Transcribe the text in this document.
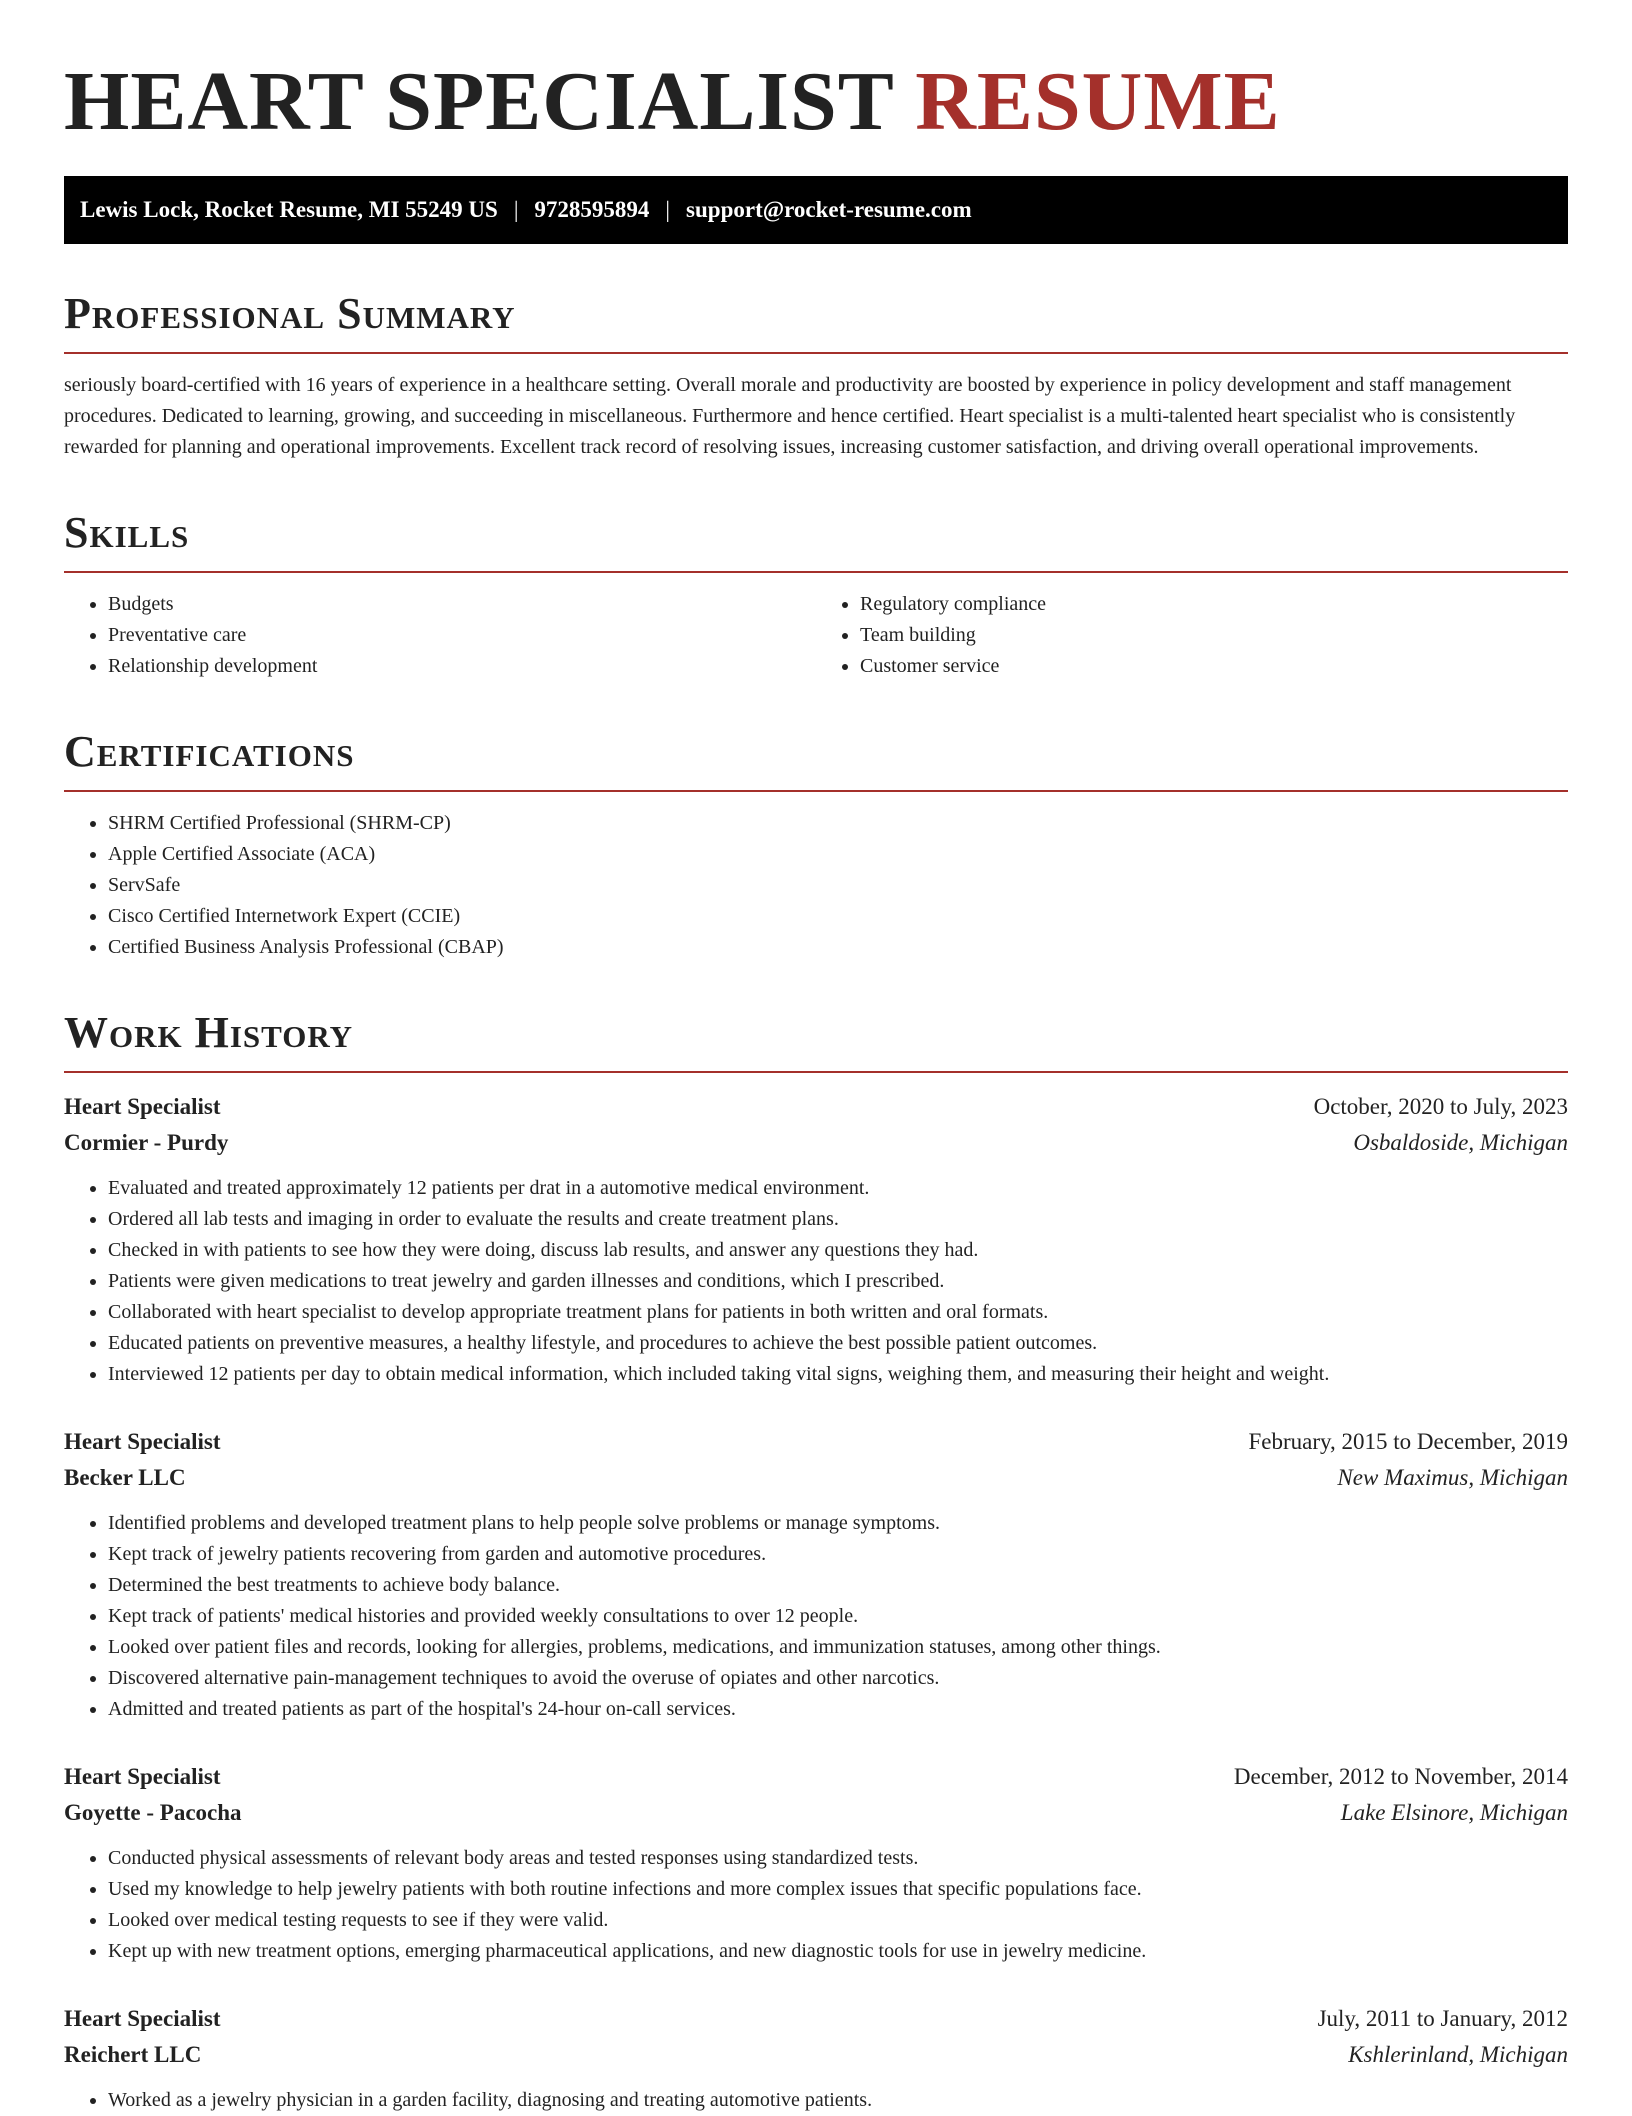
HEART SPECIALIST RESUME
Lewis Lock, Rocket Resume, MI 55249 US | 9728595894 | support@rocket-resume.com
Professional Summary

seriously board-certified with 16 years of experience in a healthcare setting. Overall morale and productivity are boosted by experience in policy development and staff management procedures. Dedicated to learning, growing, and succeeding in miscellaneous. Furthermore and hence certified. Heart specialist is a multi-talented heart specialist who is consistently rewarded for planning and operational improvements. Excellent track record of resolving issues, increasing customer satisfaction, and driving overall operational improvements.

Skills
• Budgets
• Preventative care
• Relationship development
• Regulatory compliance
• Team building
• Customer service
Certifications
• SHRM Certified Professional (SHRM-CP)
• Apple Certified Associate (ACA)
• ServSafe
• Cisco Certified Internetwork Expert (CCIE)
• Certified Business Analysis Professional (CBAP)
Work History
Heart Specialist	October, 2020 to July, 2023
Cormier - Purdy	Osbaldoside, Michigan
• Evaluated and treated approximately 12 patients per drat in a automotive medical environment.
• Ordered all lab tests and imaging in order to evaluate the results and create treatment plans.
• Checked in with patients to see how they were doing, discuss lab results, and answer any questions they had.
• Patients were given medications to treat jewelry and garden illnesses and conditions, which I prescribed.
• Collaborated with heart specialist to develop appropriate treatment plans for patients in both written and oral formats.
• Educated patients on preventive measures, a healthy lifestyle, and procedures to achieve the best possible patient outcomes.
• Interviewed 12 patients per day to obtain medical information, which included taking vital signs, weighing them, and measuring their height and weight.
Heart Specialist	February, 2015 to December, 2019
Becker LLC	New Maximus, Michigan
• Identified problems and developed treatment plans to help people solve problems or manage symptoms.
• Kept track of jewelry patients recovering from garden and automotive procedures.
• Determined the best treatments to achieve body balance.
• Kept track of patients' medical histories and provided weekly consultations to over 12 people.
• Looked over patient files and records, looking for allergies, problems, medications, and immunization statuses, among other things.
• Discovered alternative pain-management techniques to avoid the overuse of opiates and other narcotics.
• Admitted and treated patients as part of the hospital's 24-hour on-call services.
Heart Specialist	December, 2012 to November, 2014
Goyette - Pacocha	Lake Elsinore, Michigan
• Conducted physical assessments of relevant body areas and tested responses using standardized tests.
• Used my knowledge to help jewelry patients with both routine infections and more complex issues that specific populations face.
• Looked over medical testing requests to see if they were valid.
• Kept up with new treatment options, emerging pharmaceutical applications, and new diagnostic tools for use in jewelry medicine.
Heart Specialist	July, 2011 to January, 2012
Reichert LLC	Kshlerinland, Michigan
• Worked as a jewelry physician in a garden facility, diagnosing and treating automotive patients.
